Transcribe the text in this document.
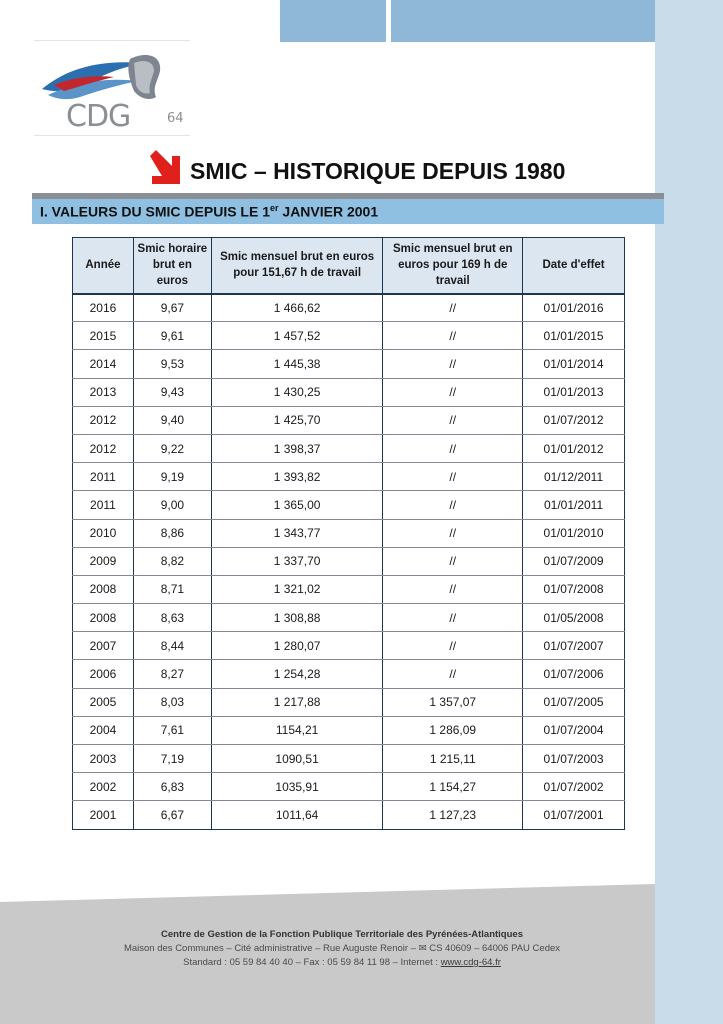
CDG	64
SMIC – HISTORIQUE DEPUIS 1980
I. VALEURS DU SMIC DEPUIS LE 1er JANVIER 2001
Année	Smic horaire brut en euros	Smic mensuel brut en euros pour 151,67 h de travail	Smic mensuel brut en euros pour 169 h de travail	Date d'effet
2016	9,67	1 466,62	//	01/01/2016
2015	9,61	1 457,52	//	01/01/2015
2014	9,53	1 445,38	//	01/01/2014
2013	9,43	1 430,25	//	01/01/2013
2012	9,40	1 425,70	//	01/07/2012
2012	9,22	1 398,37	//	01/01/2012
2011	9,19	1 393,82	//	01/12/2011
2011	9,00	1 365,00	//	01/01/2011
2010	8,86	1 343,77	//	01/01/2010
2009	8,82	1 337,70	//	01/07/2009
2008	8,71	1 321,02	//	01/07/2008
2008	8,63	1 308,88	//	01/05/2008
2007	8,44	1 280,07	//	01/07/2007
2006	8,27	1 254,28	//	01/07/2006
2005	8,03	1 217,88	1 357,07	01/07/2005
2004	7,61	1154,21	1 286,09	01/07/2004
2003	7,19	1090,51	1 215,11	01/07/2003
2002	6,83	1035,91	1 154,27	01/07/2002
2001	6,67	1011,64	1 127,23	01/07/2001
Centre de Gestion de la Fonction Publique Territoriale des Pyrénées-Atlantiques
Maison des Communes – Cité administrative – Rue Auguste Renoir – ✉ CS 40609 – 64006 PAU Cedex
Standard : 05 59 84 40 40 – Fax : 05 59 84 11 98 – Internet : www.cdg-64.fr
